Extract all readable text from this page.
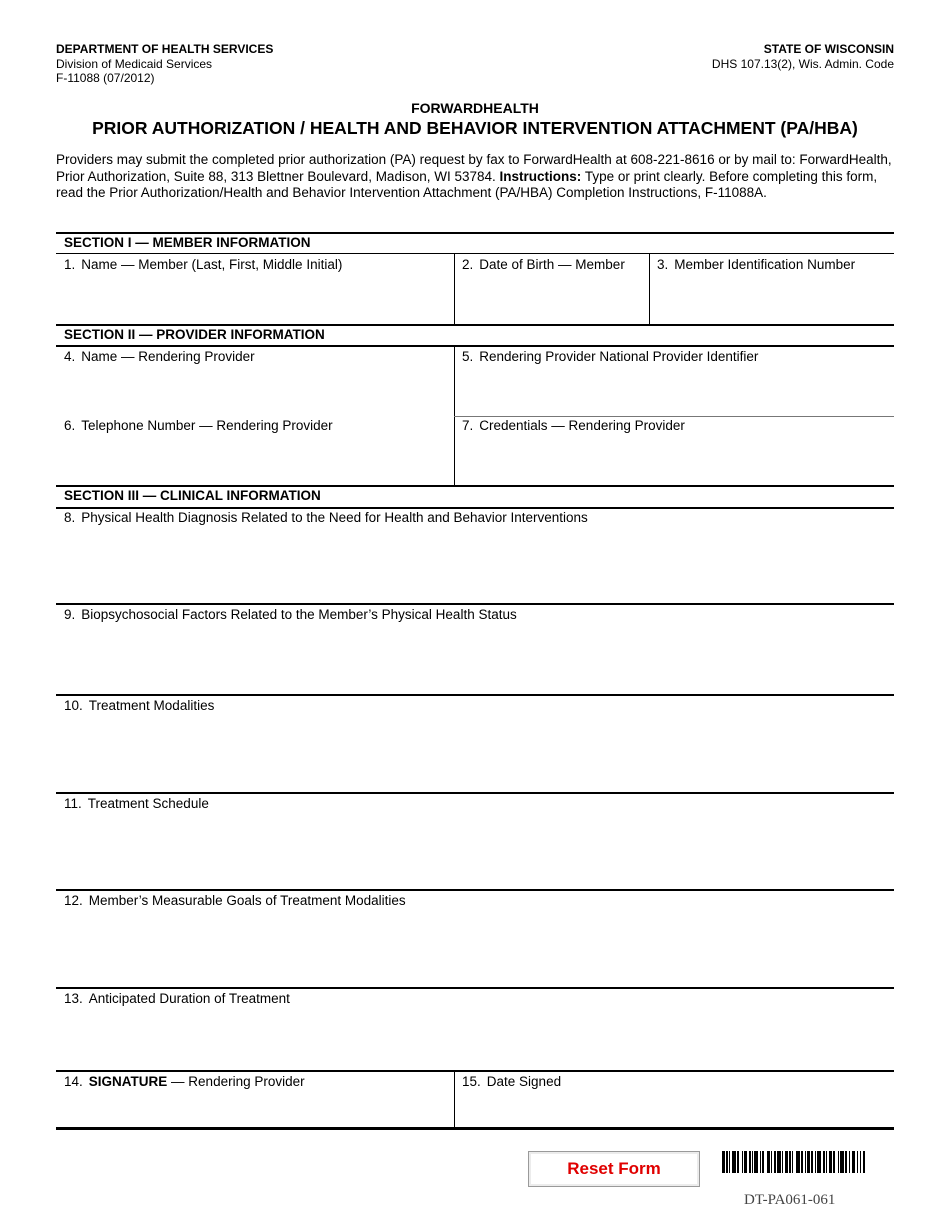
DEPARTMENT OF HEALTH SERVICES
Division of Medicaid Services
F-11088 (07/2012)
STATE OF WISCONSIN
DHS 107.13(2), Wis. Admin. Code
FORWARDHEALTH
PRIOR AUTHORIZATION / HEALTH AND BEHAVIOR INTERVENTION ATTACHMENT (PA/HBA)
Providers may submit the completed prior authorization (PA) request by fax to ForwardHealth at 608-221-8616 or by mail to: ForwardHealth, Prior Authorization, Suite 88, 313 Blettner Boulevard, Madison, WI 53784. Instructions: Type or print clearly. Before completing this form, read the Prior Authorization/Health and Behavior Intervention Attachment (PA/HBA) Completion Instructions, F-11088A.
SECTION I — MEMBER INFORMATION
1. Name — Member (Last, First, Middle Initial)	2. Date of Birth — Member 3. Member Identification Number
SECTION II — PROVIDER INFORMATION
4. Name — Rendering Provider	5. Rendering Provider National Provider Identifier
6. Telephone Number — Rendering Provider	7. Credentials — Rendering Provider
SECTION III — CLINICAL INFORMATION
8. Physical Health Diagnosis Related to the Need for Health and Behavior Interventions
9. Biopsychosocial Factors Related to the Member’s Physical Health Status
10. Treatment Modalities
11. Treatment Schedule
12. Member’s Measurable Goals of Treatment Modalities
13. Anticipated Duration of Treatment
14. SIGNATURE — Rendering Provider	15. Date Signed
Reset Form
DT-PA061-061
